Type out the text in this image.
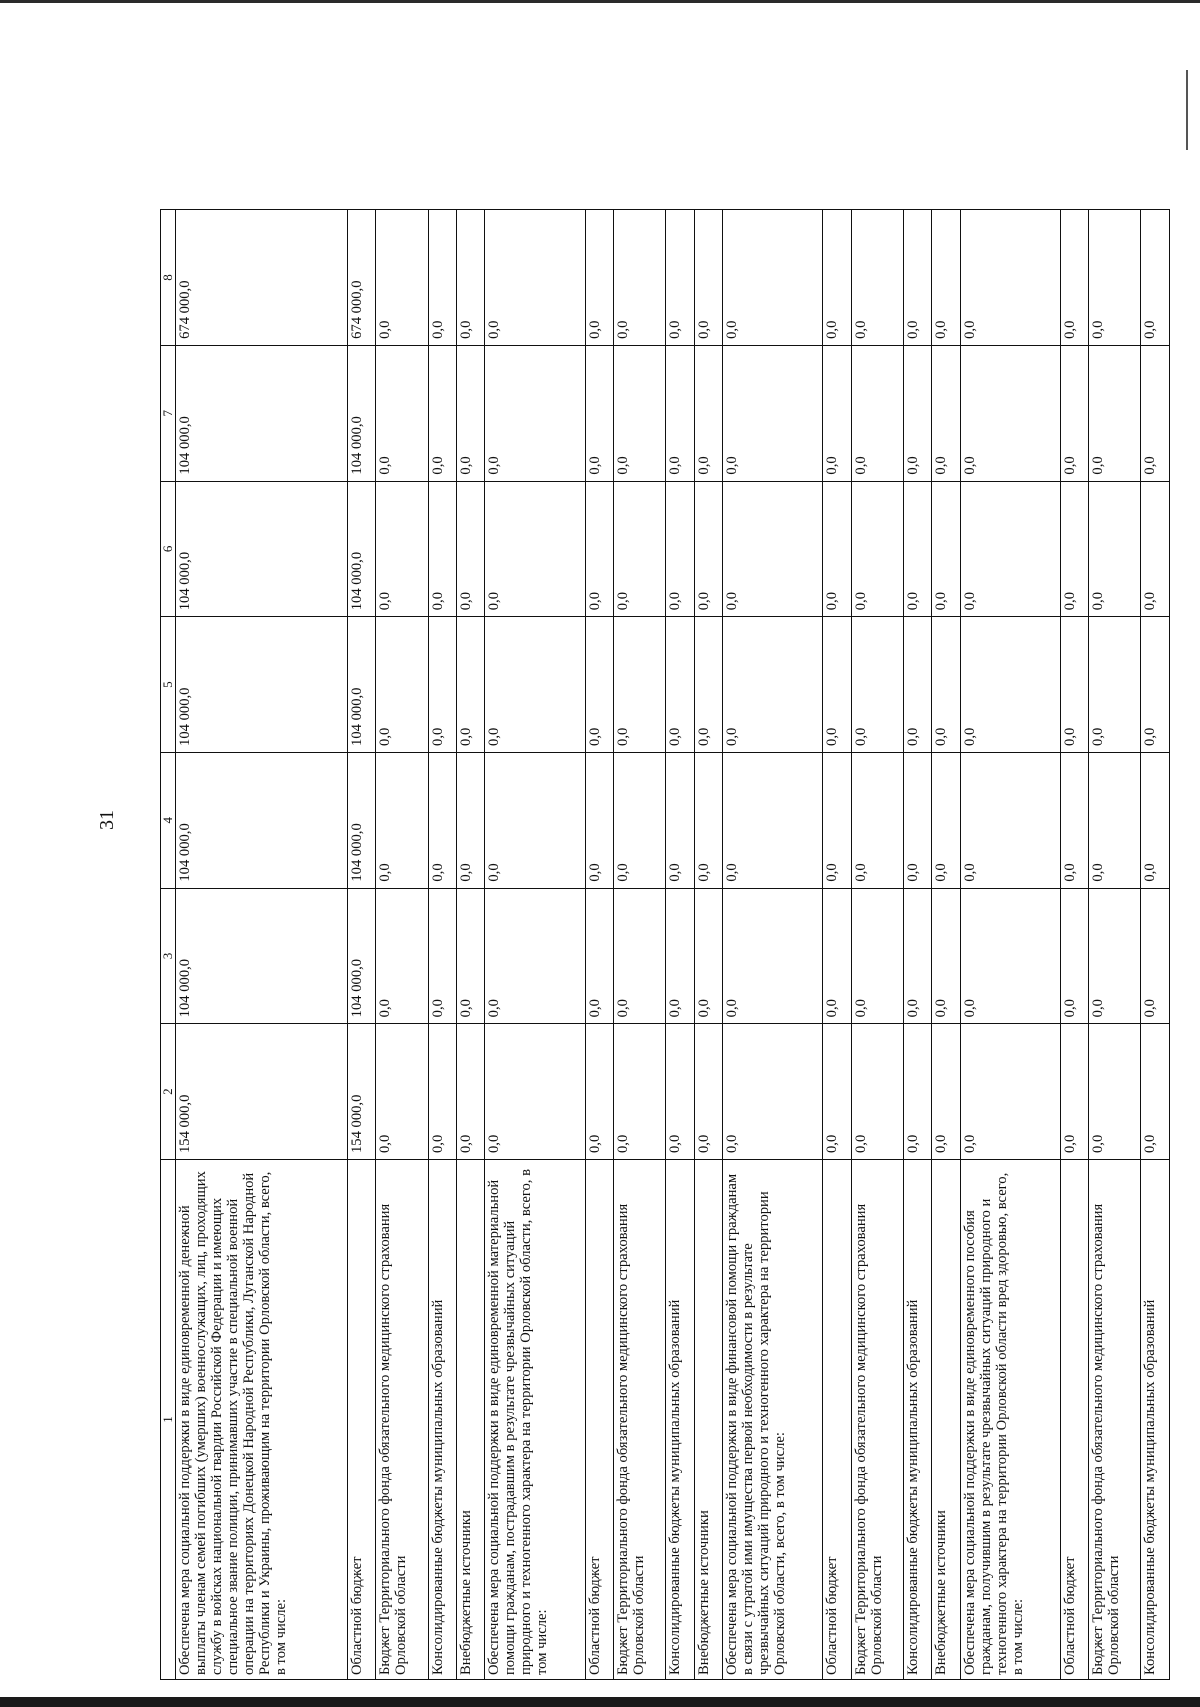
31
1	2	3	4	5	6	7	8
Обеспечена мера социальной поддержки в виде единовременной денежной выплаты членам семей погибших (умерших) военнослужащих, лиц, проходящих службу в войсках национальной гвардии Российской Федерации и имеющих специальное звание полиции, принимавших участие в специальной военной операции на территориях Донецкой Народной Республики, Луганской Народной Республики и Украины, проживающим на территории Орловской области, всего, в том числе:	154 000,0	104 000,0	104 000,0	104 000,0	104 000,0	104 000,0	674 000,0
Областной бюджет	154 000,0	104 000,0	104 000,0	104 000,0	104 000,0	104 000,0	674 000,0
Бюджет Территориального фонда обязательного медицинского страхования Орловской области	0,0	0,0	0,0	0,0	0,0	0,0	0,0
Консолидированные бюджеты муниципальных образований	0,0	0,0	0,0	0,0	0,0	0,0	0,0
Внебюджетные источники	0,0	0,0	0,0	0,0	0,0	0,0	0,0
Обеспечена мера социальной поддержки в виде единовременной материальной помощи гражданам, пострадавшим в результате чрезвычайных ситуаций природного и техногенного характера на территории Орловской области, всего, в том числе:	0,0	0,0	0,0	0,0	0,0	0,0	0,0
Областной бюджет	0,0	0,0	0,0	0,0	0,0	0,0	0,0
Бюджет Территориального фонда обязательного медицинского страхования Орловской области	0,0	0,0	0,0	0,0	0,0	0,0	0,0
Консолидированные бюджеты муниципальных образований	0,0	0,0	0,0	0,0	0,0	0,0	0,0
Внебюджетные источники	0,0	0,0	0,0	0,0	0,0	0,0	0,0
Обеспечена мера социальной поддержки в виде финансовой помощи гражданам в связи с утратой ими имущества первой необходимости в результате чрезвычайных ситуаций природного и техногенного характера на территории Орловской области, всего, в том числе:	0,0	0,0	0,0	0,0	0,0	0,0	0,0
Областной бюджет	0,0	0,0	0,0	0,0	0,0	0,0	0,0
Бюджет Территориального фонда обязательного медицинского страхования Орловской области	0,0	0,0	0,0	0,0	0,0	0,0	0,0
Консолидированные бюджеты муниципальных образований	0,0	0,0	0,0	0,0	0,0	0,0	0,0
Внебюджетные источники	0,0	0,0	0,0	0,0	0,0	0,0	0,0
Обеспечена мера социальной поддержки в виде единовременного пособия гражданам, получившим в результате чрезвычайных ситуаций природного и техногенного характера на территории Орловской области вред здоровью, всего, в том числе:	0,0	0,0	0,0	0,0	0,0	0,0	0,0
Областной бюджет	0,0	0,0	0,0	0,0	0,0	0,0	0,0
Бюджет Территориального фонда обязательного медицинского страхования Орловской области	0,0	0,0	0,0	0,0	0,0	0,0	0,0
Консолидированные бюджеты муниципальных образований	0,0	0,0	0,0	0,0	0,0	0,0	0,0
